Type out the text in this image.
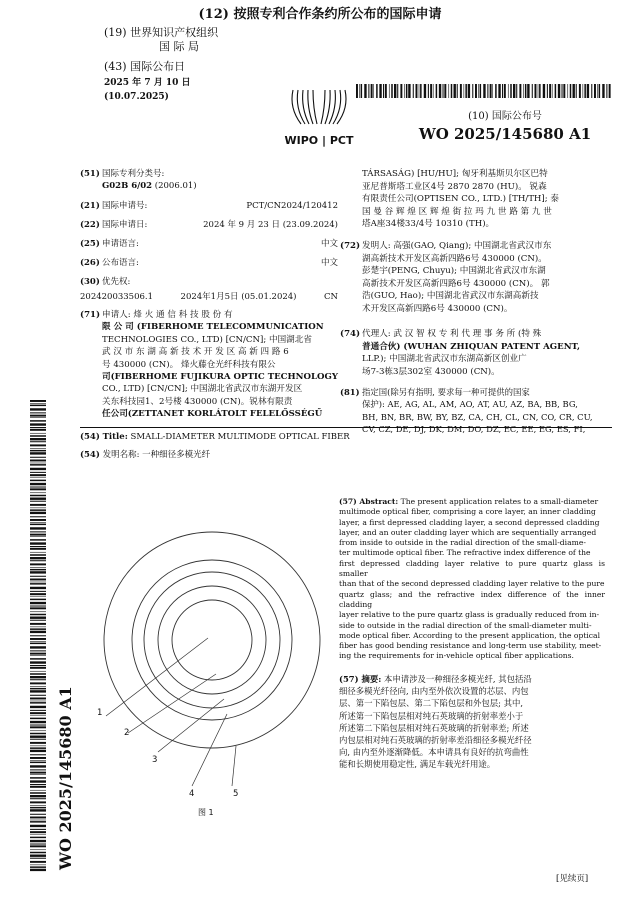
(12) 按照专利合作条约所公布的国际申请
(19) 世界知识产权组织
国 际 局
(43) 国际公布日
2025 年 7 月 10 日 (10.07.2025)
WIPO | PCT
(10) 国际公布号
WO 2025/145680 A1
WO 2025/145680 A1
(51) 国际专利分类号:
G02B 6/02 (2006.01)
(21) 国际申请号:	PCT/CN2024/120412
(22) 国际申请日:	2024 年 9 月 23 日 (23.09.2024)
(25) 申请语言:	中文
(26) 公布语言:	中文
(30) 优先权:
202420033506.1	2024年1月5日 (05.01.2024)	CN
(71) 申请人: 烽 火 通 信 科 技 股 份 有
限 公 司 (FIBERHOME TELECOMMUNICATION
TECHNOLOGIES CO., LTD) [CN/CN]; 中国湖北省
武 汉 市 东 湖 高 新 技 术 开 发 区 高 新 四 路 6
号 430000 (CN)。 烽火藤仓光纤科技有限公
司(FIBERHOME FUJIKURA OPTIC TECHNOLOGY
CO., LTD) [CN/CN]; 中国湖北省武汉市东湖开发区
关东科技园1、2号楼 430000 (CN)。锐林有限责
任公司(ZETTANET KORLÁTOLT FELELŐSSÉGŰ
TÁRSASÁG) [HU/HU]; 匈牙利基斯贝尔区巴特
亚尼普斯塔工业区4号 2870 2870 (HU)。 锐森
有限责任公司(OPTISEN CO., LTD.) [TH/TH]; 泰
国 曼 谷 辉 煌 区 辉 煌 街 拉 玛 九 世 路 第 九 世
塔A座34楼33/4号 10310 (TH)。
(72) 发明人: 高强(GAO, Qiang); 中国湖北省武汉市东
湖高新技术开发区高新四路6号 430000 (CN)。
彭楚宇(PENG, Chuyu); 中国湖北省武汉市东湖
高新技术开发区高新四路6号 430000 (CN)。 郭
浩(GUO, Hao); 中国湖北省武汉市东湖高新技
术开发区高新四路6号 430000 (CN)。
(74) 代理人: 武 汉 智 权 专 利 代 理 事 务 所 (特 殊
普通合伙) (WUHAN ZHIQUAN PATENT AGENT,
LLP.); 中国湖北省武汉市东湖高新区创业广
场7-3栋3层302室 430000 (CN)。
(81) 指定国(除另有指明, 要求每一种可提供的国家
保护): AE, AG, AL, AM, AO, AT, AU, AZ, BA, BB, BG,
BH, BN, BR, BW, BY, BZ, CA, CH, CL, CN, CO, CR, CU,
CV, CZ, DE, DJ, DK, DM, DO, DZ, EC, EE, EG, ES, FI,
(54) Title: SMALL-DIAMETER MULTIMODE OPTICAL FIBER
(54) 发明名称: 一种细径多模光纤
1
2
3
4	5
图 1
(57) Abstract: The present application relates to a small-diameter
multimode optical fiber, comprising a core layer, an inner cladding
layer, a first depressed cladding layer, a second depressed cladding
layer, and an outer cladding layer which are sequentially arranged
from inside to outside in the radial direction of the small-diame-
ter multimode optical fiber. The refractive index difference of the
first depressed cladding layer relative to pure quartz glass is smaller
than that of the second depressed cladding layer relative to the pure
quartz glass; and the refractive index difference of the inner cladding
layer relative to the pure quartz glass is gradually reduced from in-
side to outside in the radial direction of the small-diameter multi-
mode optical fiber. According to the present application, the optical
fiber has good bending resistance and long-term use stability, meet-
ing the requirements for in-vehicle optical fiber applications.
(57) 摘要: 本申请涉及一种细径多模光纤, 其包括沿
细径多模光纤径向, 由内至外依次设置的芯层、内包
层、第一下陷包层、第二下陷包层和外包层; 其中,
所述第一下陷包层相对纯石英玻璃的折射率差小于
所述第二下陷包层相对纯石英玻璃的折射率差; 所述
内包层相对纯石英玻璃的折射率差沿细径多模光纤径
向, 由内至外逐渐降低。本申请具有良好的抗弯曲性
能和长期使用稳定性, 满足车载光纤用途。
[见续页]
